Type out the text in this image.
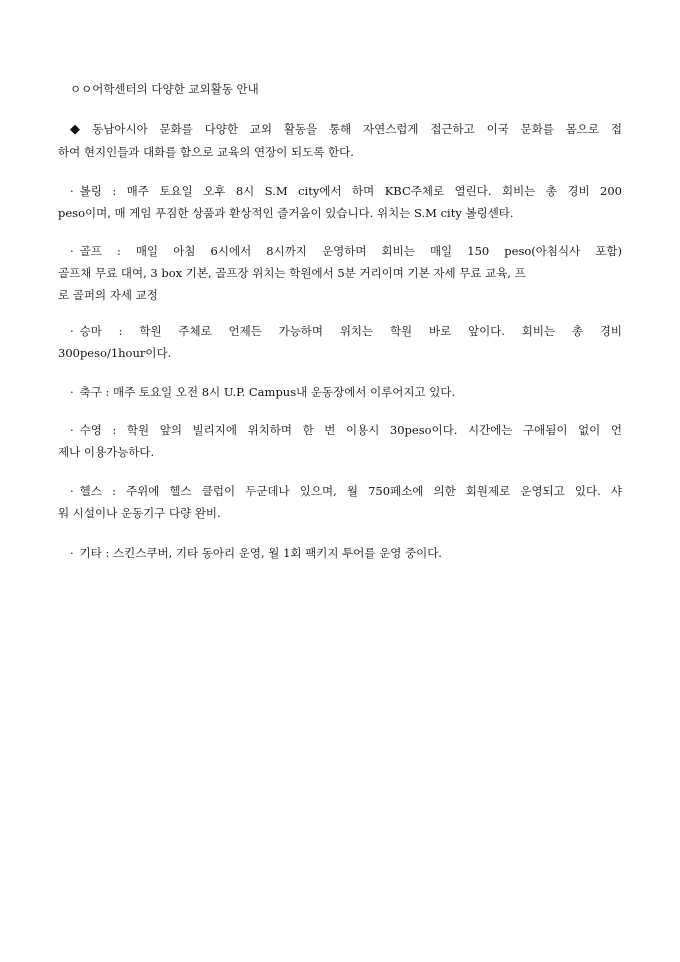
ㅇㅇ어학센터의 다양한 교외활동 안내
◆ 동남아시아 문화를 다양한 교외 활동을 통해 자연스럽게 접근하고 이국 문화를 몸으로 접
하여 현지인들과 대화를 함으로 교육의 연장이 되도록 한다.
· 볼링 : 매주 토요일 오후 8시 S.M city에서 하며 KBC주체로 열린다. 회비는 총 경비 200
peso이며, 매 게임 푸짐한 상품과 환상적인 즐거움이 있습니다. 위치는 S.M city 볼링센타.
· 골프 : 매일 아침 6시에서 8시까지 운영하며 회비는 매일 150 peso(아침식사 포함)
골프채 무료 대여, 3 box 기본, 골프장 위치는 학원에서 5분 거리이며 기본 자세 무료 교육, 프
로 골퍼의 자세 교정
· 승마 : 학원 주체로 언제든 가능하며 위치는 학원 바로 앞이다. 회비는 총 경비
300peso/1hour이다.
· 축구 : 매주 토요일 오전 8시 U.P. Campus내 운동장에서 이루어지고 있다.
· 수영 : 학원 앞의 빌리지에 위치하며 한 번 이용시 30peso이다. 시간에는 구애됨이 없이 언
제나 이용가능하다.
· 헬스 : 주위에 헬스 클럽이 두군데나 있으며, 월 750페소에 의한 회원제로 운영되고 있다. 샤
워 시설이나 운동기구 다량 완비.
· 기타 : 스킨스쿠버, 기타 동아리 운영, 월 1회 팩키지 투어를 운영 중이다.
